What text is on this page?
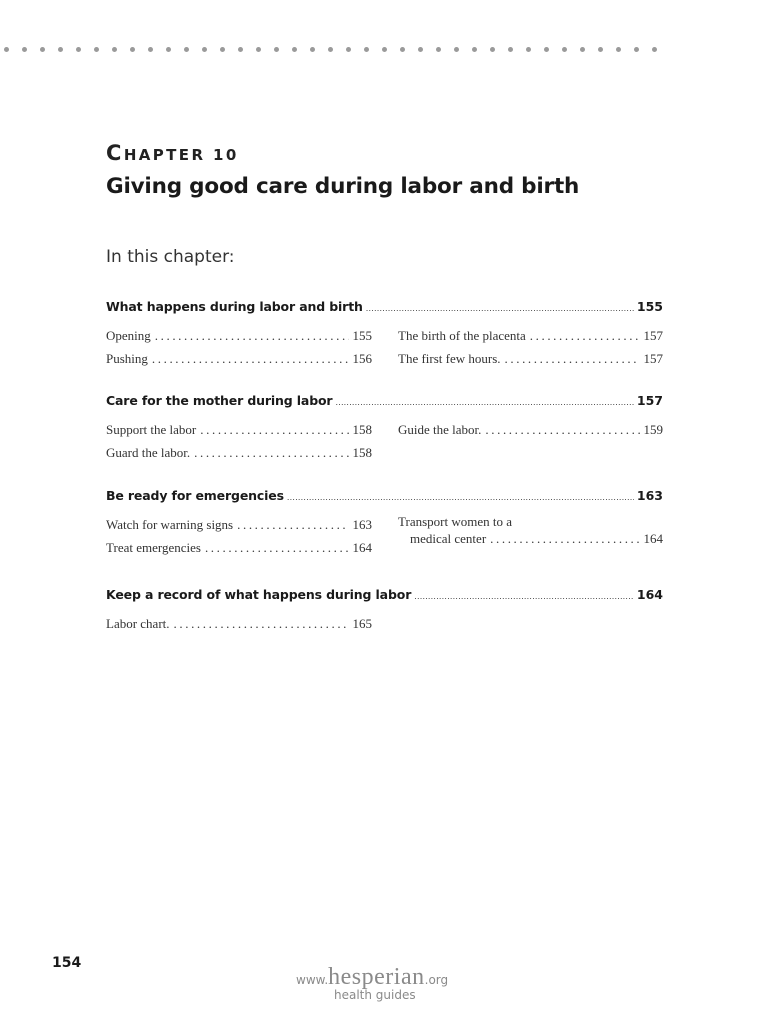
CHAPTER 10
Giving good care during labor and birth

In this chapter:

What happens during labor and birth .....	155
Opening .....	155
Pushing .....	156
The birth of the placenta .....	157
The first few hours. .....	157
Care for the mother during labor .....	157
Support the labor .....	158
Guard the labor. .....	158
Guide the labor. .....	159
Be ready for emergencies .....	163
Watch for warning signs .....	163
Treat emergencies .....	164
Transport women to a
medical center .....	164
Keep a record of what happens during labor .....	164
Labor chart. .....	165

154

www.hesperian.org
health guides
